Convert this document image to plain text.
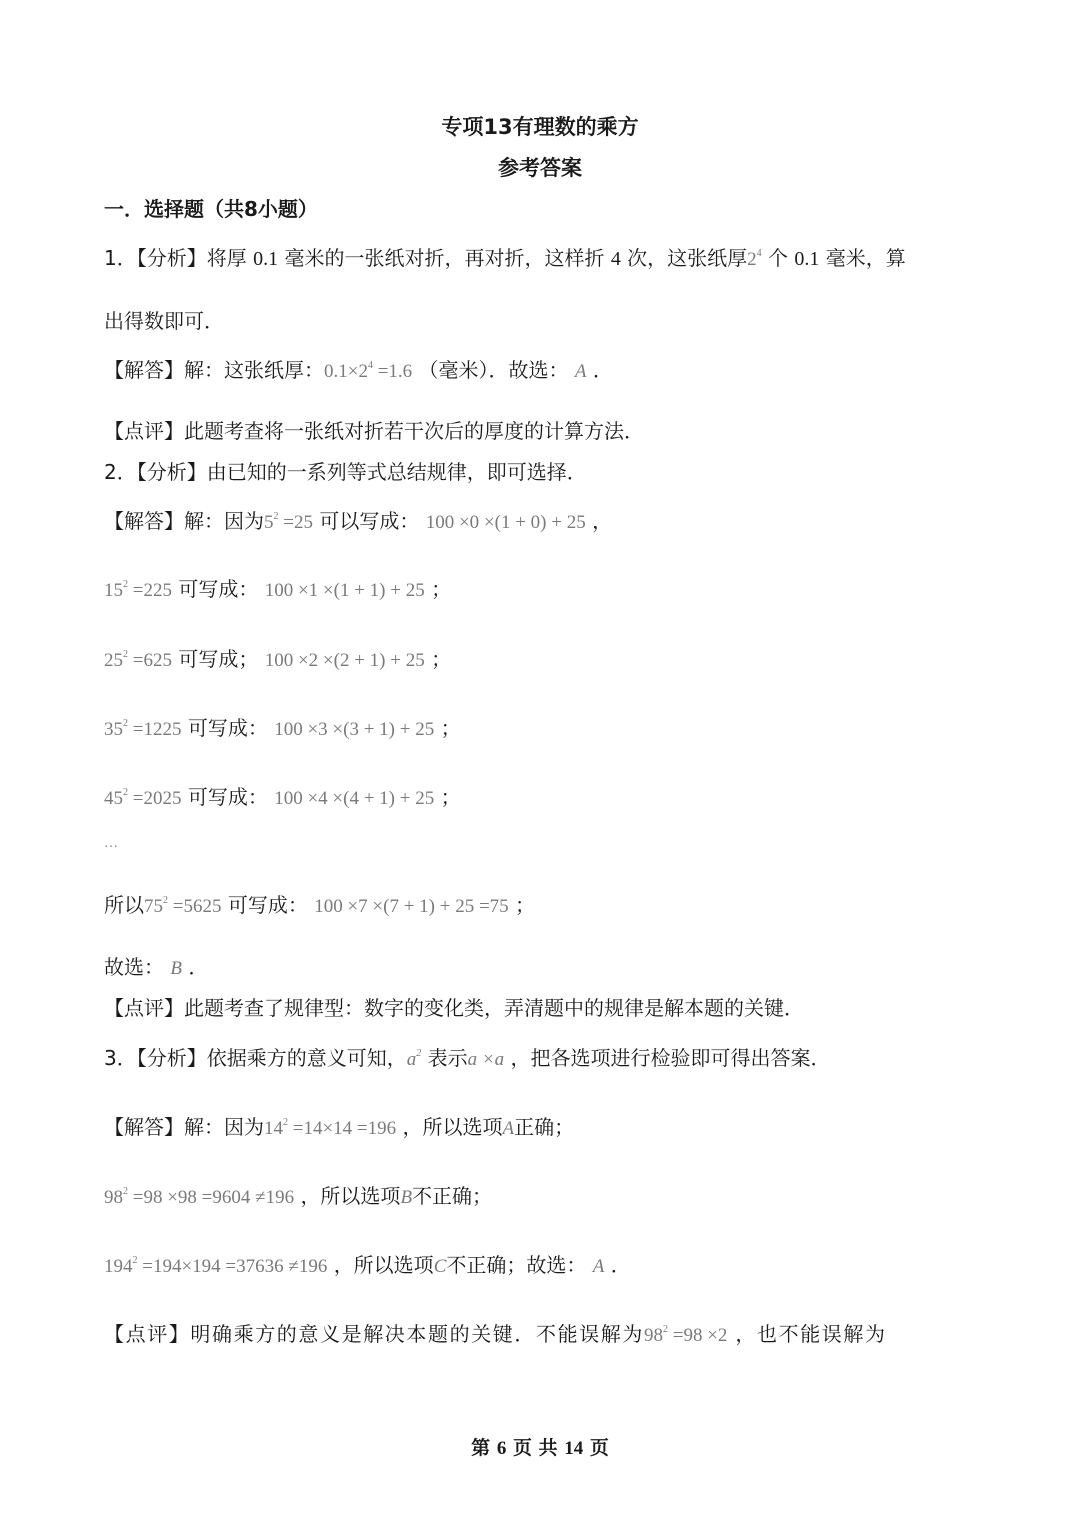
专项13有理数的乘方
参考答案
一．选择题（共8小题）
1．【分析】将厚 0.1 毫米的一张纸对折，再对折，这样折 4 次，这张纸厚$2^4$ 个 0.1 毫米，算
出得数即可．
【解答】解：这张纸厚：$0.1\times 2^4 =1.6$ （毫米）．故选： A ．
【点评】此题考查将一张纸对折若干次后的厚度的计算方法．
2．【分析】由已知的一系列等式总结规律，即可选择．
【解答】解：因为$5^2 =25$ 可以写成： 100 ×0 ×(1 + 0) + 25 ，
$15^2 =225$ 可写成： 100 ×1 ×(1 + 1) + 25 ；
$25^2 =625$ 可写成； 100 ×2 ×(2 + 1) + 25 ；
$35^2 =1225$ 可写成： 100 ×3 ×(3 + 1) + 25 ；
$45^2 =2025$ 可写成： 100 ×4 ×(4 + 1) + 25 ；
…
所以$75^2 =5625$ 可写成： 100 ×7 ×(7 + 1) + 25 =75 ；
故选： B ．
【点评】此题考查了规律型：数字的变化类，弄清题中的规律是解本题的关键．
3．【分析】依据乘方的意义可知，$a^2$ 表示a ×a ，把各选项进行检验即可得出答案．
【解答】解：因为$14^2 =14\times 14 =196$ ，所以选项A正确；
$98^2 =98 \times 98 =9604 \ne 196$ ，所以选项B不正确；
$194^2 =194\times 194 =37636 \ne 196$ ，所以选项C不正确；故选： A ．
【点评】明确乘方的意义是解决本题的关键．不能误解为$98^2 =98 \times 2$ ，也不能误解为
第 6 页 共 14 页
